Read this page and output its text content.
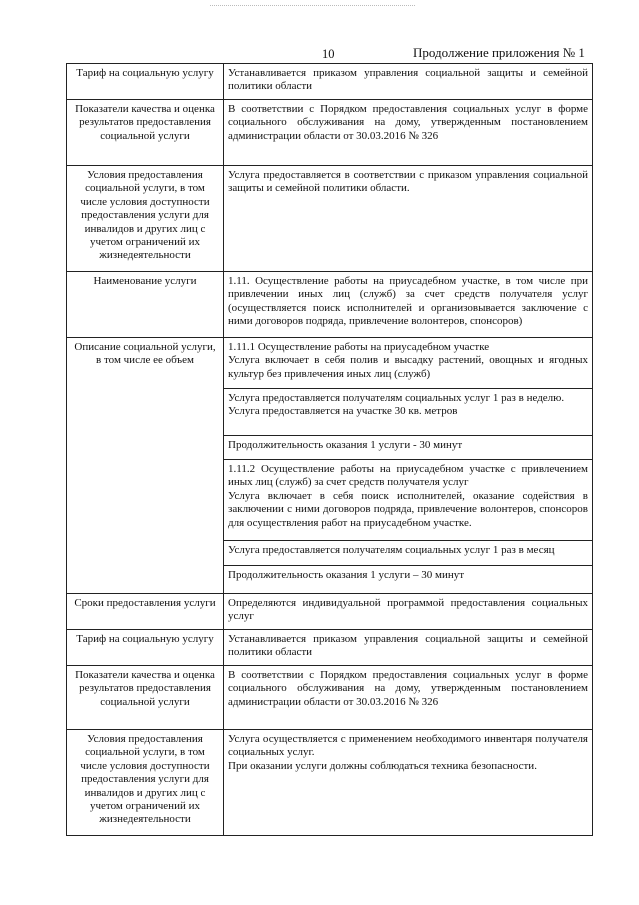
10	Продолжение приложения № 1
Тариф на социальную услугу	Устанавливается приказом управления социальной защиты и семейной политики области
Показатели качества и оценка результатов предоставления социальной услуги	В соответствии с Порядком предоставления социальных услуг в форме социального обслуживания на дому, утвержденным постановлением администрации области от 30.03.2016 № 326
Условия предоставления социальной услуги, в том числе условия доступности предоставления услуги для инвалидов и других лиц с учетом ограничений их жизнедеятельности	Услуга предоставляется в соответствии с приказом управления социальной защиты и семейной политики области.
Наименование услуги	1.11. Осуществление работы на приусадебном участке, в том числе при привлечении иных лиц (служб) за счет средств получателя услуг (осуществляется поиск исполнителей и организовывается заключение с ними договоров подряда, привлечение волонтеров, спонсоров)
Описание социальной услуги, в том числе ее объем	1.11.1 Осуществление работы на приусадебном участке
Услуга включает в себя полив и высадку растений, овощных и ягодных культур без привлечения иных лиц (служб)

	Услуга предоставляется получателям социальных услуг 1 раз в неделю.
Услуга предоставляется на участке 30 кв. метров

	Продолжительность оказания 1 услуги - 30 минут

	1.11.2 Осуществление работы на приусадебном участке с привлечением иных лиц (служб) за счет средств получателя услуг
Услуга включает в себя поиск исполнителей, оказание содействия в заключении с ними договоров подряда, привлечение волонтеров, спонсоров для осуществления работ на приусадебном участке.

	Услуга предоставляется получателям социальных услуг 1 раз в месяц

	Продолжительность оказания 1 услуги – 30 минут

Сроки предоставления услуги	Определяются индивидуальной программой предоставления социальных услуг
Тариф на социальную услугу	Устанавливается приказом управления социальной защиты и семейной политики области
Показатели качества и оценка результатов предоставления социальной услуги	В соответствии с Порядком предоставления социальных услуг в форме социального обслуживания на дому, утвержденным постановлением администрации области от 30.03.2016 № 326
Условия предоставления социальной услуги, в том числе условия доступности предоставления услуги для инвалидов и других лиц с учетом ограничений их жизнедеятельности	Услуга осуществляется с применением необходимого инвентаря получателя социальных услуг.
При оказании услуги должны соблюдаться техника безопасности.
